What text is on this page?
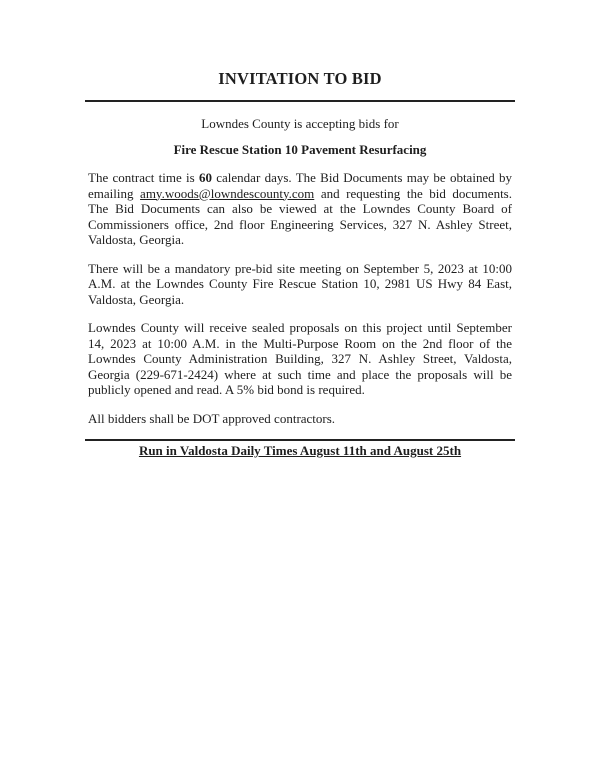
INVITATION TO BID

Lowndes County is accepting bids for

Fire Rescue Station 10 Pavement Resurfacing

The contract time is 60 calendar days. The Bid Documents may be obtained by emailing amy.woods@lowndescounty.com and requesting the bid documents. The Bid Documents can also be viewed at the Lowndes County Board of Commissioners office, 2nd floor Engineering Services, 327 N. Ashley Street, Valdosta, Georgia.

There will be a mandatory pre-bid site meeting on September 5, 2023 at 10:00 A.M. at the Lowndes County Fire Rescue Station 10, 2981 US Hwy 84 East, Valdosta, Georgia.

Lowndes County will receive sealed proposals on this project until September 14, 2023 at 10:00 A.M. in the Multi-Purpose Room on the 2nd floor of the Lowndes County Administration Building, 327 N. Ashley Street, Valdosta, Georgia (229-671-2424) where at such time and place the proposals will be publicly opened and read. A 5% bid bond is required.

All bidders shall be DOT approved contractors.

Run in Valdosta Daily Times August 11th and August 25th
